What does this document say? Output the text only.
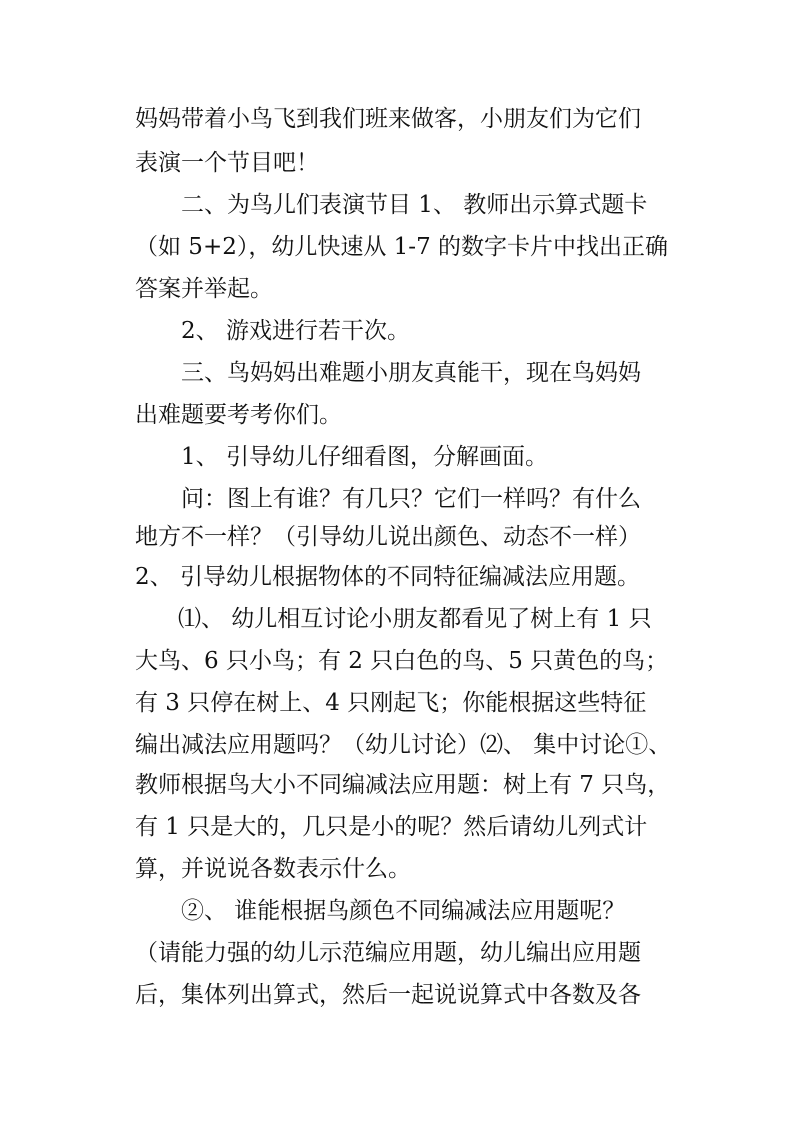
妈妈带着小鸟飞到我们班来做客，小朋友们为它们

表演一个节目吧！

二、为鸟儿们表演节目 1、 教师出示算式题卡

（如 5+2），幼儿快速从 1-7 的数字卡片中找出正确

答案并举起。

2、 游戏进行若干次。

三、鸟妈妈出难题小朋友真能干，现在鸟妈妈

出难题要考考你们。

1、 引导幼儿仔细看图，分解画面。

问：图上有谁？有几只？它们一样吗？有什么

地方不一样？（引导幼儿说出颜色、动态不一样）

2、 引导幼儿根据物体的不同特征编减法应用题。

⑴、 幼儿相互讨论小朋友都看见了树上有 1 只

大鸟、6 只小鸟；有 2 只白色的鸟、5 只黄色的鸟；

有 3 只停在树上、4 只刚起飞；你能根据这些特征

编出减法应用题吗？（幼儿讨论）⑵、 集中讨论①、

教师根据鸟大小不同编减法应用题：树上有 7 只鸟，

有 1 只是大的，几只是小的呢？然后请幼儿列式计

算，并说说各数表示什么。

②、 谁能根据鸟颜色不同编减法应用题呢？

（请能力强的幼儿示范编应用题，幼儿编出应用题

后，集体列出算式，然后一起说说算式中各数及各
